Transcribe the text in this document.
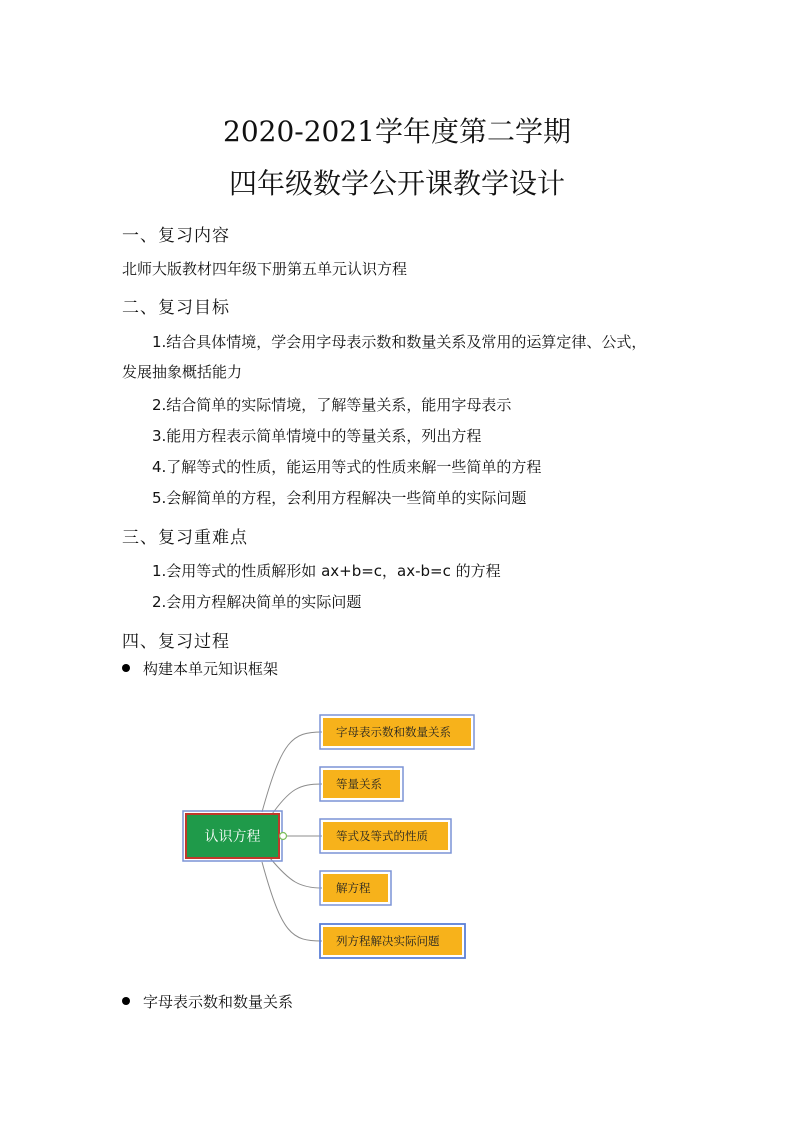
2020-2021学年度第二学期
四年级数学公开课教学设计
一、复习内容
北师大版教材四年级下册第五单元认识方程
二、复习目标
1.结合具体情境，学会用字母表示数和数量关系及常用的运算定律、公式，
发展抽象概括能力
2.结合简单的实际情境，了解等量关系，能用字母表示
3.能用方程表示简单情境中的等量关系，列出方程
4.了解等式的性质，能运用等式的性质来解一些简单的方程
5.会解简单的方程，会利用方程解决一些简单的实际问题
三、复习重难点
1.会用等式的性质解形如 ax+b=c，ax-b=c 的方程
2.会用方程解决简单的实际问题
四、复习过程
构建本单元知识框架
认识方程
字母表示数和数量关系
等量关系
等式及等式的性质
解方程
列方程解决实际问题
字母表示数和数量关系
